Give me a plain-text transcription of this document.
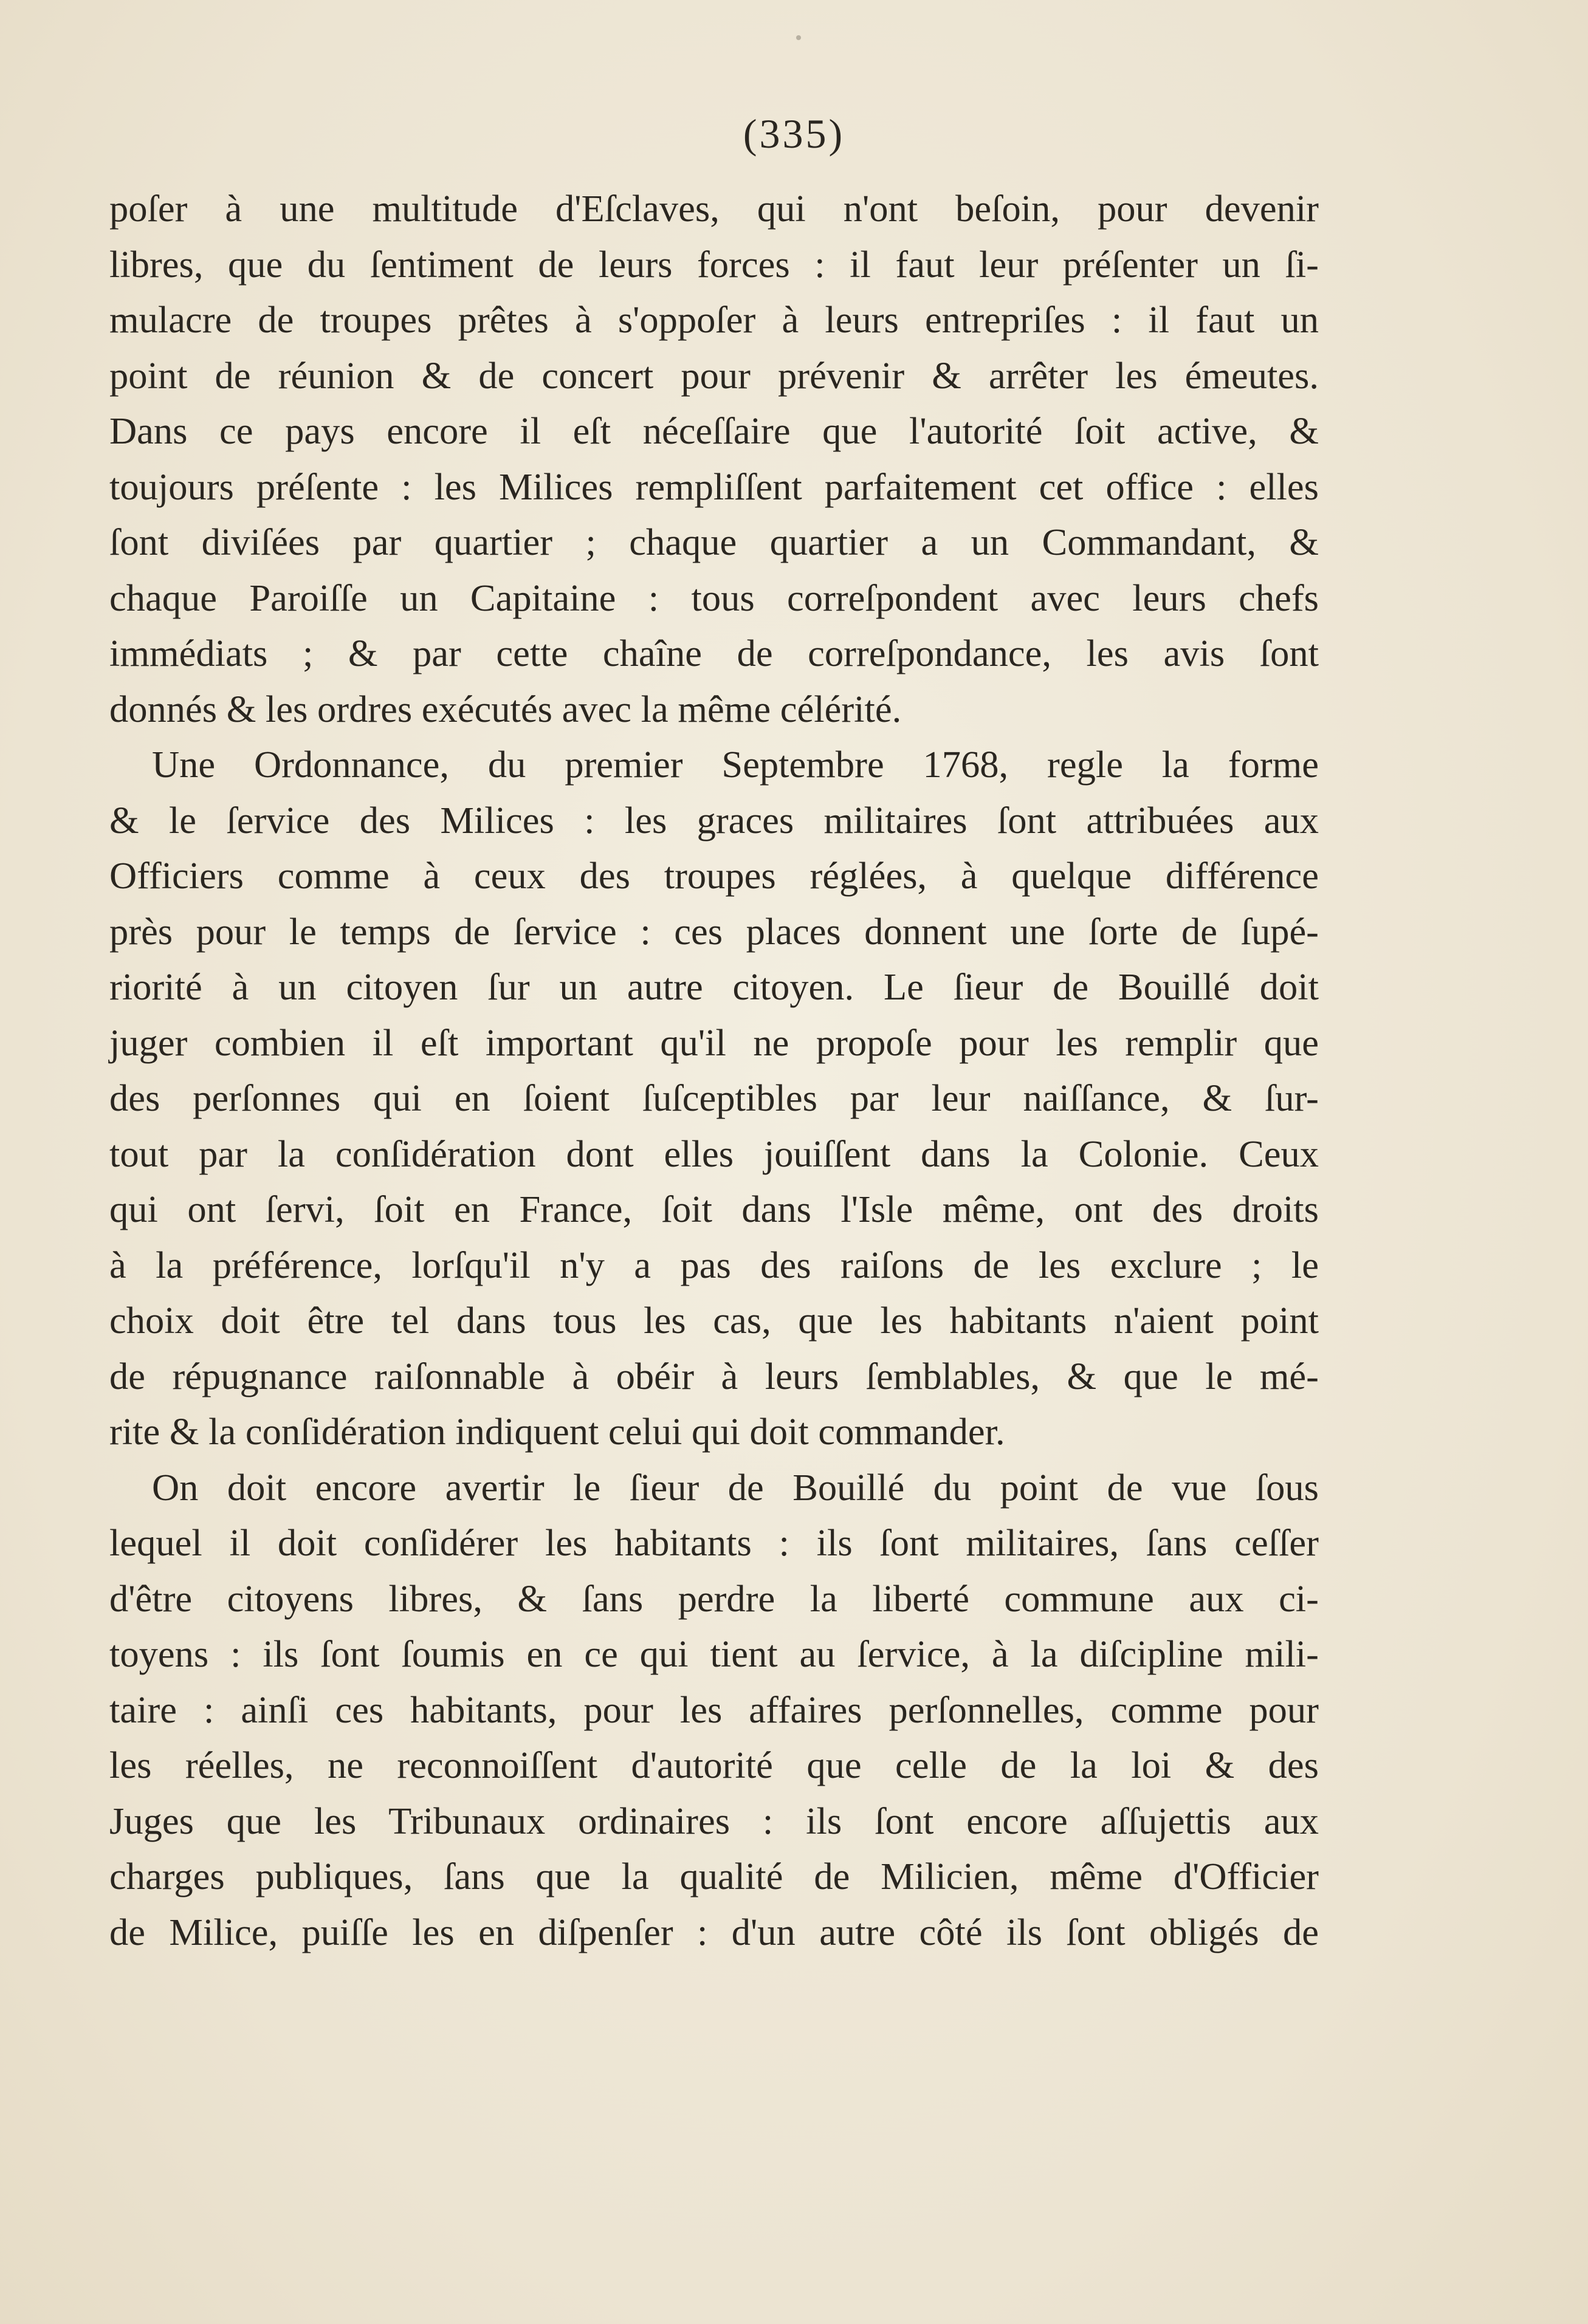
(335)
poſer à une multitude d'Eſclaves, qui n'ont beſoin, pour devenir
libres, que du ſentiment de leurs forces : il faut leur préſenter un ſi-
mulacre de troupes prêtes à s'oppoſer à leurs entrepriſes : il faut un
point de réunion & de concert pour prévenir & arrêter les émeutes.
Dans ce pays encore il eſt néceſſaire que l'autorité ſoit active, &
toujours préſente : les Milices rempliſſent parfaitement cet office : elles
ſont diviſées par quartier ; chaque quartier a un Commandant, &
chaque Paroiſſe un Capitaine : tous correſpondent avec leurs chefs
immédiats ; & par cette chaîne de correſpondance, les avis ſont
donnés & les ordres exécutés avec la même célérité.
Une Ordonnance, du premier Septembre 1768, regle la forme
& le ſervice des Milices : les graces militaires ſont attribuées aux
Officiers comme à ceux des troupes réglées, à quelque différence
près pour le temps de ſervice : ces places donnent une ſorte de ſupé-
riorité à un citoyen ſur un autre citoyen. Le ſieur de Bouillé doit
juger combien il eſt important qu'il ne propoſe pour les remplir que
des perſonnes qui en ſoient ſuſceptibles par leur naiſſance, & ſur-
tout par la conſidération dont elles jouiſſent dans la Colonie. Ceux
qui ont ſervi, ſoit en France, ſoit dans l'Isle même, ont des droits
à la préférence, lorſqu'il n'y a pas des raiſons de les exclure ; le
choix doit être tel dans tous les cas, que les habitants n'aient point
de répugnance raiſonnable à obéir à leurs ſemblables, & que le mé-
rite & la conſidération indiquent celui qui doit commander.
On doit encore avertir le ſieur de Bouillé du point de vue ſous
lequel il doit conſidérer les habitants : ils ſont militaires, ſans ceſſer
d'être citoyens libres, & ſans perdre la liberté commune aux ci-
toyens : ils ſont ſoumis en ce qui tient au ſervice, à la diſcipline mili-
taire : ainſi ces habitants, pour les affaires perſonnelles, comme pour
les réelles, ne reconnoiſſent d'autorité que celle de la loi & des
Juges que les Tribunaux ordinaires : ils ſont encore aſſujettis aux
charges publiques, ſans que la qualité de Milicien, même d'Officier
de Milice, puiſſe les en diſpenſer : d'un autre côté ils ſont obligés de
